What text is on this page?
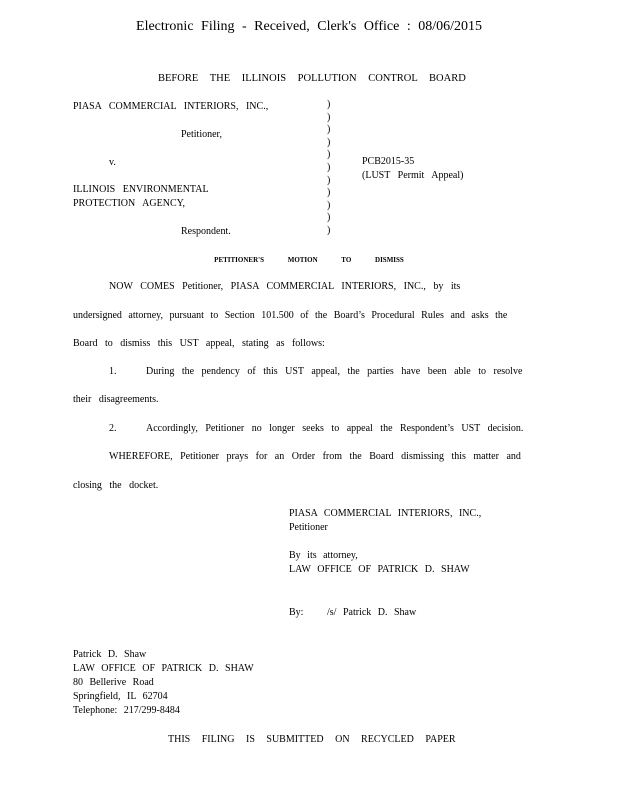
Electronic Filing - Received, Clerk's Office : 08/06/2015
BEFORE THE ILLINOIS POLLUTION CONTROL BOARD
PIASA COMMERCIAL INTERIORS, INC.,
Petitioner,
v.
ILLINOIS ENVIRONMENTAL
PROTECTION AGENCY,
Respondent.
PCB2015-35
(LUST Permit Appeal)
)
)
)
)
)
)
)
)
)
)
)
PETITIONER'S MOTION TO DISMISS
NOW COMES Petitioner, PIASA COMMERCIAL INTERIORS, INC., by its
undersigned attorney, pursuant to Section 101.500 of the Board’s Procedural Rules and asks the
Board to dismiss this UST appeal, stating as follows:
1.	During the pendency of this UST appeal, the parties have been able to resolve
their disagreements.
2.	Accordingly, Petitioner no longer seeks to appeal the Respondent’s UST decision.
WHEREFORE, Petitioner prays for an Order from the Board dismissing this matter and
closing the docket.
PIASA COMMERCIAL INTERIORS, INC.,
Petitioner
By its attorney,
LAW OFFICE OF PATRICK D. SHAW
By: /s/ Patrick D. Shaw
Patrick D. Shaw
LAW OFFICE OF PATRICK D. SHAW
80 Bellerive Road
Springfield, IL 62704
Telephone: 217/299-8484
THIS FILING IS SUBMITTED ON RECYCLED PAPER
